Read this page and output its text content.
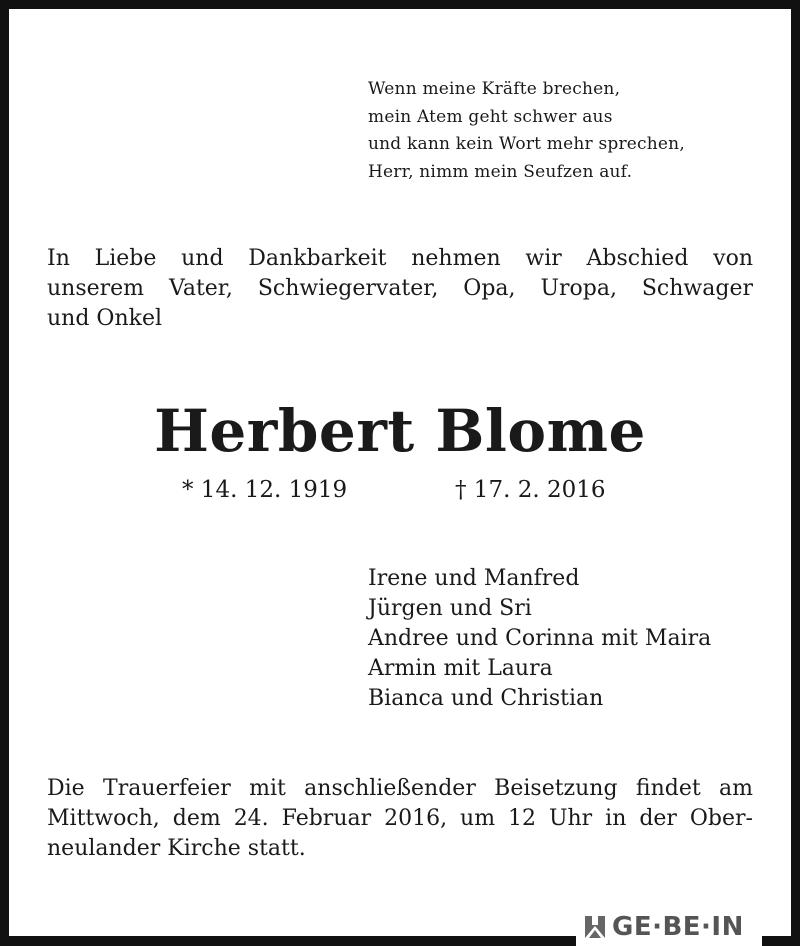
Wenn meine Kräfte brechen,
mein Atem geht schwer aus
und kann kein Wort mehr sprechen,
Herr, nimm mein Seufzen auf.
In Liebe und Dankbarkeit nehmen wir Abschied von
unserem Vater, Schwiegervater, Opa, Uropa, Schwager
und Onkel
Herbert Blome
* 14. 12. 1919	† 17. 2. 2016
Irene und Manfred
Jürgen und Sri
Andree und Corinna mit Maira
Armin mit Laura
Bianca und Christian
Die Trauerfeier mit anschließender Beisetzung findet am
Mittwoch, dem 24. Februar 2016, um 12 Uhr in der Ober-
neulander Kirche statt.
GE·BE·IN
